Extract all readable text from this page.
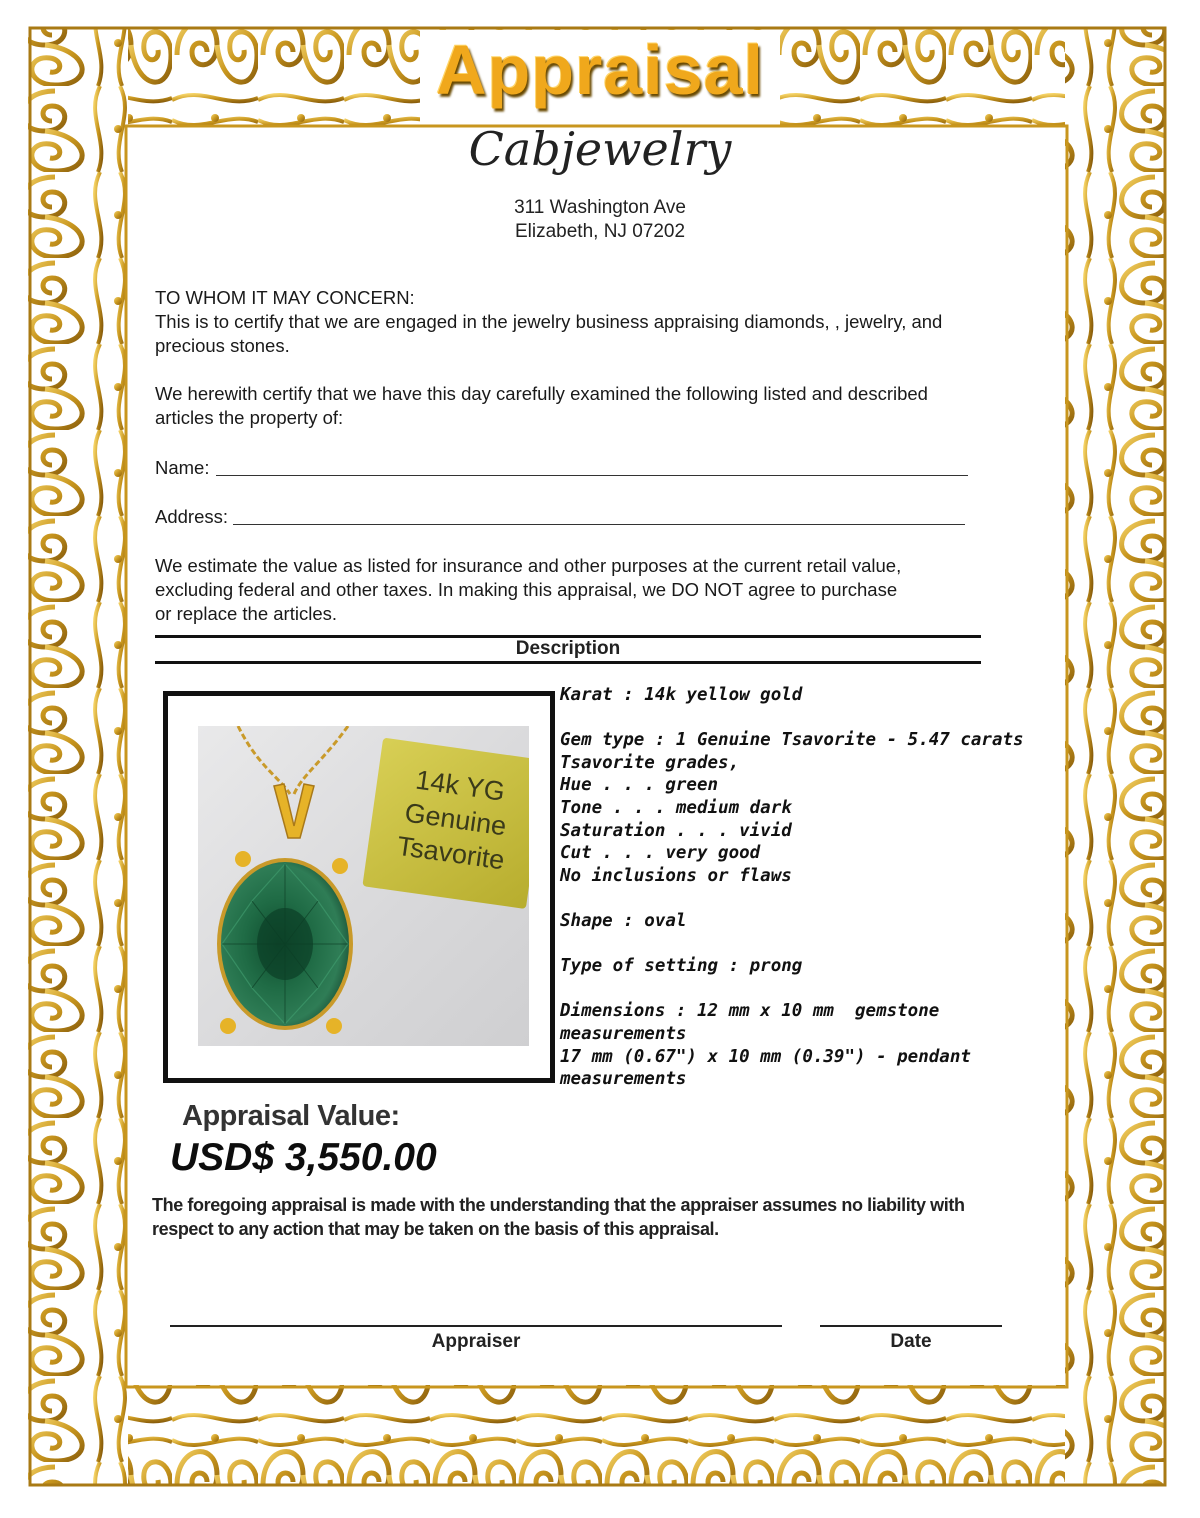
Appraisal
Cabjewelry
311 Washington Ave
Elizabeth, NJ 07202
TO WHOM IT MAY CONCERN:
This is to certify that we are engaged in the jewelry business appraising diamonds, , jewelry, and precious stones.
We herewith certify that we have this day carefully examined the following listed and described articles the property of:
Name:
Address:
We estimate the value as listed for insurance and other purposes at the current retail value,
excluding federal and other taxes. In making this appraisal, we DO NOT agree to purchase
or replace the articles.
Description
14k YG
Genuine
Tsavorite
Karat : 14k yellow gold

Gem type : 1 Genuine Tsavorite - 5.47 carats
Tsavorite grades,
Hue . . . green
Tone . . . medium dark
Saturation . . . vivid
Cut . . . very good
No inclusions or flaws

Shape : oval

Type of setting : prong

Dimensions : 12 mm x 10 mm  gemstone
measurements
17 mm (0.67") x 10 mm (0.39") - pendant
measurements
Appraisal Value:
USD$ 3,550.00
The foregoing appraisal is made with the understanding that the appraiser assumes no liability with respect to any action that may be taken on the basis of this appraisal.
Appraiser	Date
